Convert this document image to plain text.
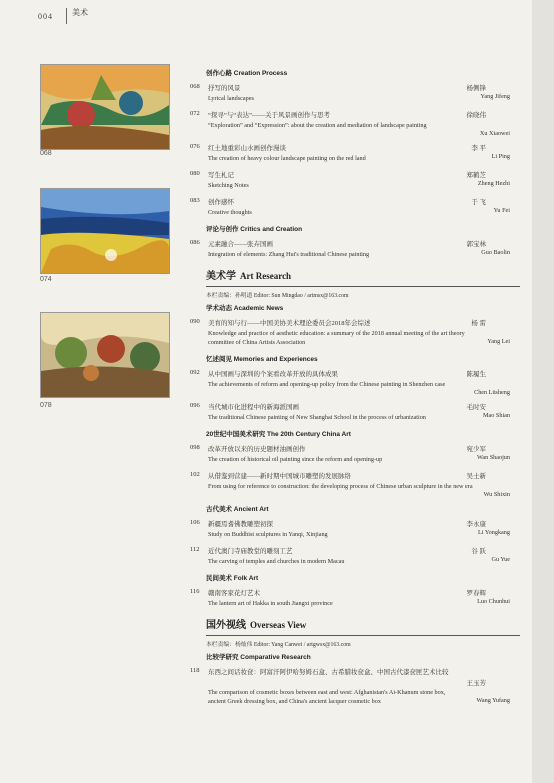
004 美术
068
074
078
创作心路 Creation Process
068 抒写的风景
Lyrical landscapes
杨侧锋
Yang Jifeng
072 “探寻”与“表达”——关于风景画创作与思考
“Exploration” and “Expression”: about the creation and mediation of landscape painting
徐晓伟
Xu Xiaowei
076 红土地重彩山水画创作漫谈
The creation of heavy colour landscape painting on the red land
李 平
Li Ping
080 写生札记
Sketching Notes
郑鹤芝
Zheng Hezhi
083 创作感怀
Creative thoughts
于 飞
Yu Fei
评论与创作 Critics and Creation
086 元素融合——张卉国画
Integration of elements: Zhang Hui's traditional Chinese painting
郭宝林
Guo Baolin
美术学 Art Research
本栏责编：孙明道 Editor: Sun Mingdao / artmsx@163.com
学术动态 Academic News
090 美育的知与行——中国美协美术理论委员会2018年会综述
Knowledge and practice of aesthetic education: a summary of the 2018 annual meeting of the art theory
committee of China Artists Association
杨 雷
Yang Lei
忆述阅见 Memories and Experiences
092 从中国画与深圳的个案看改革开放的具体成果
The achievements of reform and opening-up policy from the Chinese painting in Shenzhen case
陈履生
Chen Lüsheng
096 当代城市化进程中的新海派国画
The traditional Chinese painting of New Shanghai School in the process of urbanization
毛时安
Mao Shian
20世纪中国美术研究 The 20th Century China Art
098 改革开放以来的历史题材油画创作
The creation of historical oil painting since the reform and opening-up
宛少军
Wan Shaojun
102 从借鉴到营建——新时期中国城市雕塑的发展脉络
From using for reference to construction: the developing process of Chinese urban sculpture in the new era
吴士新
Wu Shixin
古代美术 Ancient Art
106 新疆焉耆佛教雕塑初探
Study on Buddhist sculptures in Yanqi, Xinjiang
李永康
Li Yongkang
112 近代澳门寺庙教堂的雕刻工艺
The carving of temples and churches in modern Macau
谷 跃
Gu Yue
民间美术 Folk Art
116 赣南客家花灯艺术
The lantern art of Hakka in south Jiangxi province
罗春辉
Luo Chunhui
国外视线 Overseas View
本栏责编：杨灿伟 Editor: Yang Canwei / artgwsx@163.com
比较学研究 Comparative Research
118 东西之间话妆奁：阿富汗阿伊哈努姆石盒、古希腊妆奁盒、中国古代漆奁匣艺术比较
The comparison of cosmetic boxes between east and west: Afghanistan's Ai-Khanum stone box,
ancient Greek dressing box, and China's ancient lacquer cosmetic box
王玉芳
Wang Yufang
